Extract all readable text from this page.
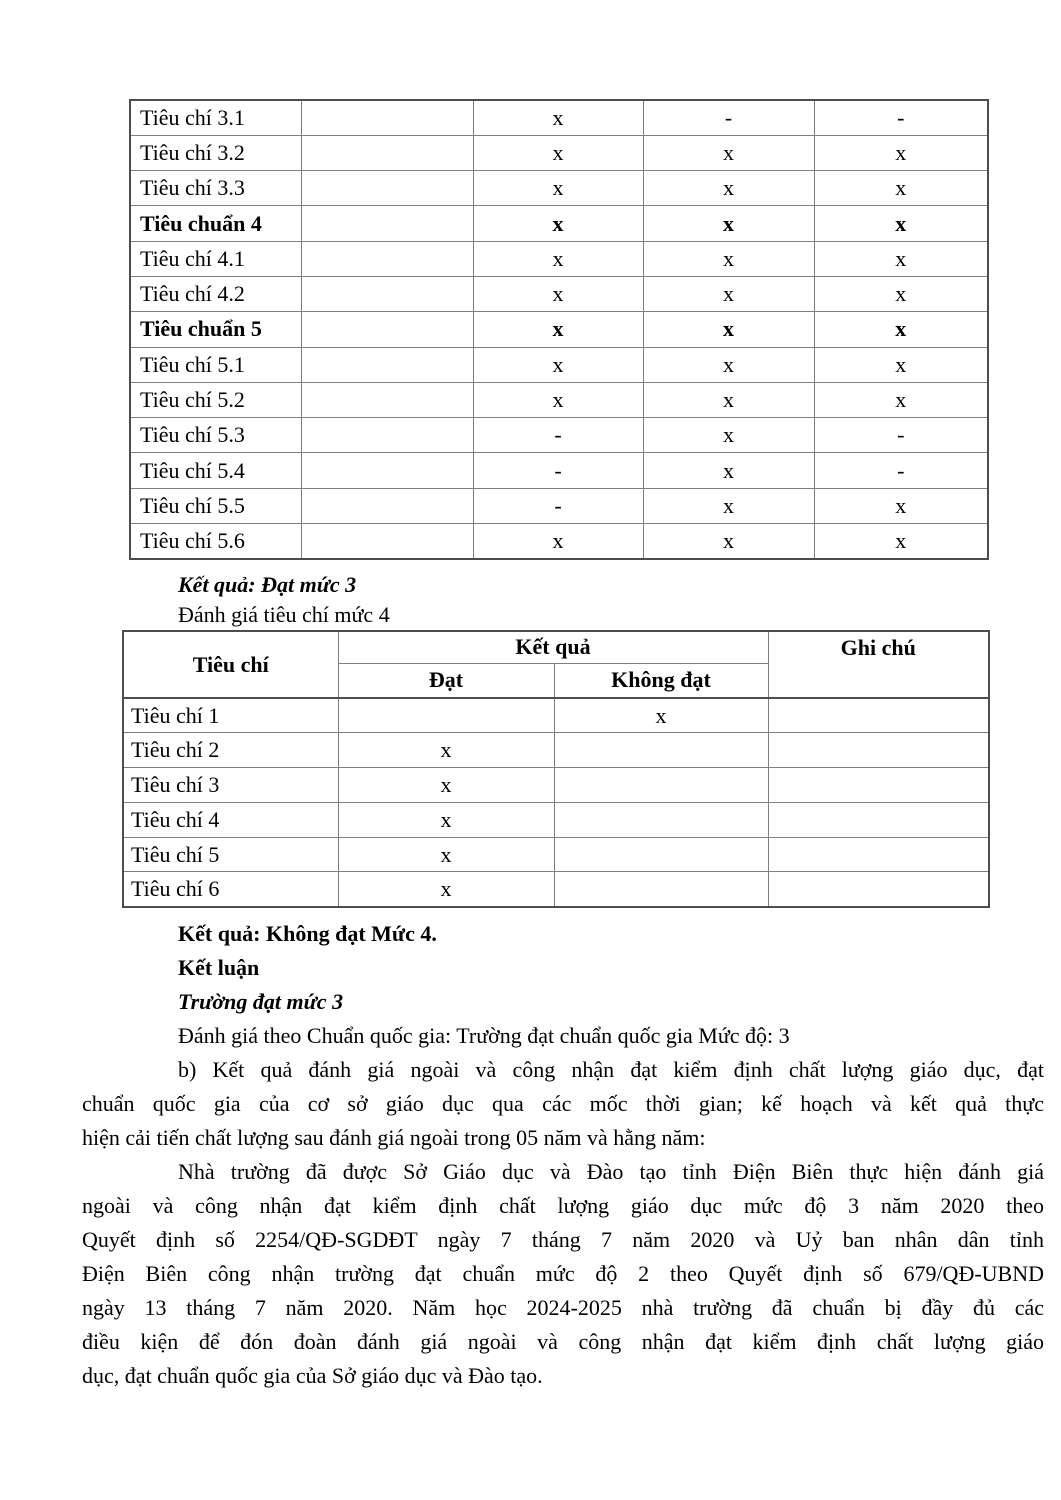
Tiêu chí 3.1		x	-	-
Tiêu chí 3.2		x	x	x
Tiêu chí 3.3		x	x	x
Tiêu chuẩn 4		x	x	x
Tiêu chí 4.1		x	x	x
Tiêu chí 4.2		x	x	x
Tiêu chuẩn 5		x	x	x
Tiêu chí 5.1		x	x	x
Tiêu chí 5.2		x	x	x
Tiêu chí 5.3		-	x	-
Tiêu chí 5.4		-	x	-
Tiêu chí 5.5		-	x	x
Tiêu chí 5.6		x	x	x

Kết quả: Đạt mức 3

Đánh giá tiêu chí mức 4

Tiêu chí	Kết quả		Ghi chú
	Đạt	Không đạt	
Tiêu chí 1		x	
Tiêu chí 2	x		
Tiêu chí 3	x		
Tiêu chí 4	x		
Tiêu chí 5	x		
Tiêu chí 6	x		

Kết quả: Không đạt Mức 4.

Kết luận

Trường đạt mức 3

Đánh giá theo Chuẩn quốc gia: Trường đạt chuẩn quốc gia Mức độ: 3

b) Kết quả đánh giá ngoài và công nhận đạt kiểm định chất lượng giáo dục, đạt
chuẩn quốc gia của cơ sở giáo dục qua các mốc thời gian; kế hoạch và kết quả thực
hiện cải tiến chất lượng sau đánh giá ngoài trong 05 năm và hằng năm:
Nhà trường đã được Sở Giáo dục và Đào tạo tỉnh Điện Biên thực hiện đánh giá
ngoài và công nhận đạt kiểm định chất lượng giáo dục mức độ 3 năm 2020 theo
Quyết định số 2254/QĐ-SGDĐT ngày 7 tháng 7 năm 2020 và Uỷ ban nhân dân tỉnh
Điện Biên công nhận trường đạt chuẩn mức độ 2 theo Quyết định số 679/QĐ-UBND
ngày 13 tháng 7 năm 2020. Năm học 2024-2025 nhà trường đã chuẩn bị đầy đủ các
điều kiện để đón đoàn đánh giá ngoài và công nhận đạt kiểm định chất lượng giáo
dục, đạt chuẩn quốc gia của Sở giáo dục và Đào tạo.
